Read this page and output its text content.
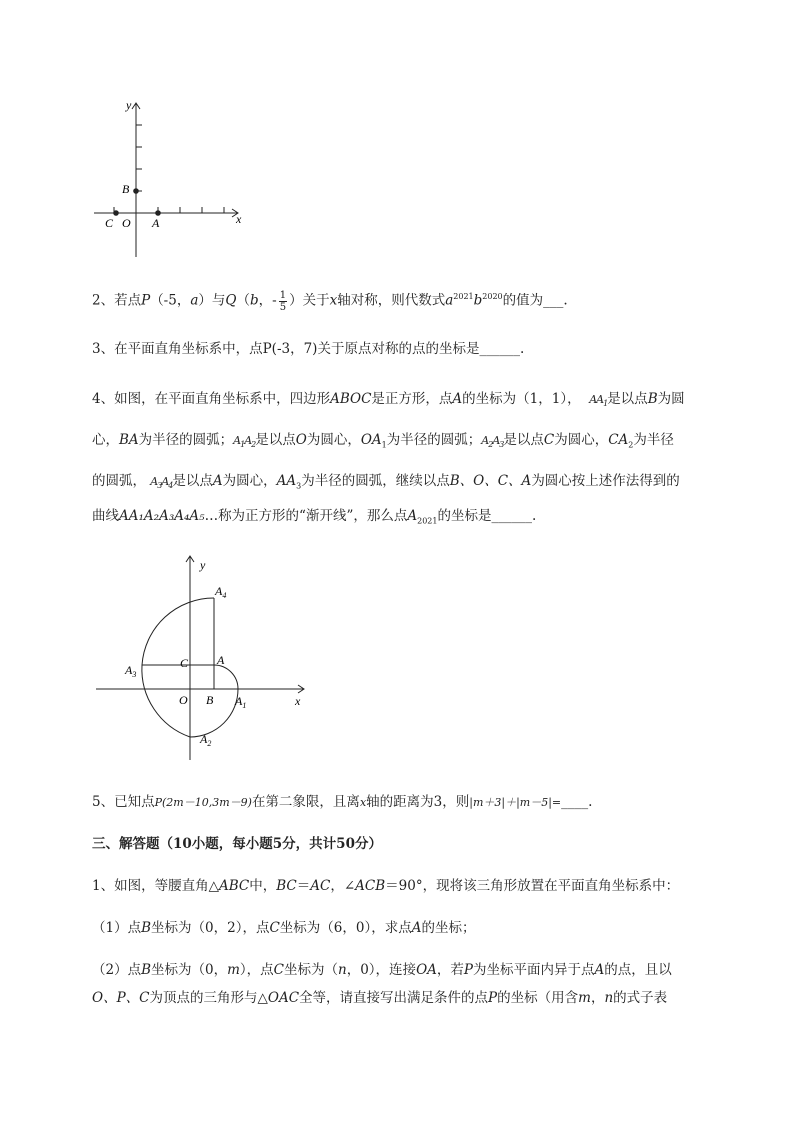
y
x
B
C O A
2、若点P（-5，a）与Q（b，- $\frac{1}{5}$ ）关于x轴对称，则代数式$a^{2021}b^{2020}$的值为___.
3、在平面直角坐标系中，点P(-3，7)关于原点对称的点的坐标是______.
4、如图，在平面直角坐标系中，四边形ABOC是正方形，点A的坐标为（1，1）， $AA_1$是以点B为圆
心，BA为半径的圆弧；$A_1A_2$是以点O为圆心，$OA_1$为半径的圆弧；$A_2A_3$是以点C为圆心，$CA_2$为半径
的圆弧， $A_3A_4$是以点A为圆心，$AA_3$为半径的圆弧，继续以点B、O、C、A为圆心按上述作法得到的
曲线AA₁A₂A₃A₄A₅…称为正方形的“渐开线”，那么点$A_{2021}$的坐标是______.
y
x
$A_4$
C A
$A_3$
O B $A_1$
$A_2$
5、已知点P(2m－10,3m－9)在第二象限，且离x轴的距离为3，则|m＋3|＋|m－5|=____.
三、解答题（10小题，每小题5分，共计50分）
1、如图，等腰直角△ABC中，BC＝AC，∠ACB＝90°，现将该三角形放置在平面直角坐标系中：
（1）点B坐标为（0，2），点C坐标为（6，0），求点A的坐标；
（2）点B坐标为（0，m），点C坐标为（n，0），连接OA，若P为坐标平面内异于点A的点，且以
O、P、C为顶点的三角形与△OAC全等，请直接写出满足条件的点P的坐标（用含m，n的式子表
